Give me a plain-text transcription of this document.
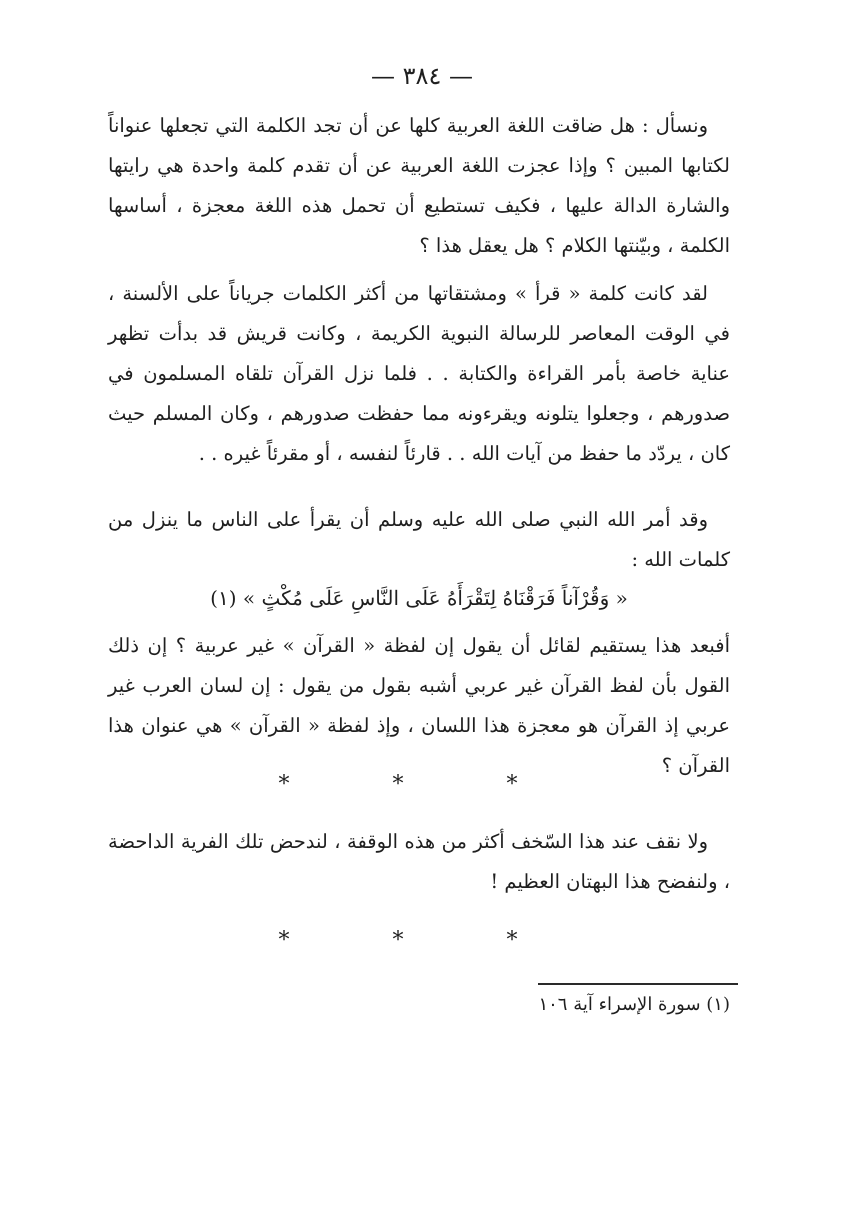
— ٣٨٤ —

ونسأل : هل ضاقت اللغة العربية كلها عن أن تجد الكلمة التي تجعلها عنواناً لكتابها المبين ؟ وإذا عجزت اللغة العربية عن أن تقدم كلمة واحدة هي رايتها والشارة الدالة عليها ، فكيف تستطيع أن تحمل هذه اللغة معجزة ، أساسها الكلمة ، وبيّنتها الكلام ؟ هل يعقل هذا ؟

لقد كانت كلمة « قرأ » ومشتقاتها من أكثر الكلمات جرياناً على الألسنة ، في الوقت المعاصر للرسالة النبوية الكريمة ، وكانت قريش قد بدأت تظهر عناية خاصة بأمر القراءة والكتابة . . فلما نزل القرآن تلقاه المسلمون في صدورهم ، وجعلوا يتلونه ويقرءونه مما حفظت صدورهم ، وكان المسلم حيث كان ، يردّد ما حفظ من آيات الله . . قارئاً لنفسه ، أو مقرئاً غيره . .

وقد أمر الله النبي صلى الله عليه وسلم أن يقرأ على الناس ما ينزل من كلمات الله :

« وَقُرْآناً فَرَقْنَاهُ لِتَقْرَأَهُ عَلَى النَّاسِ عَلَى مُكْثٍ » (١)

أفبعد هذا يستقيم لقائل أن يقول إن لفظة « القرآن » غير عربية ؟ إن ذلك القول بأن لفظ القرآن غير عربي أشبه بقول من يقول : إن لسان العرب غير عربي إذ القرآن هو معجزة هذا اللسان ، وإذ لفظة « القرآن » هي عنوان هذا القرآن ؟

* * *

ولا نقف عند هذا السّخف أكثر من هذه الوقفة ، لندحض تلك الفرية الداحضة ، ولنفضح هذا البهتان العظيم !

* * *
(١) سورة الإسراء آية ١٠٦
